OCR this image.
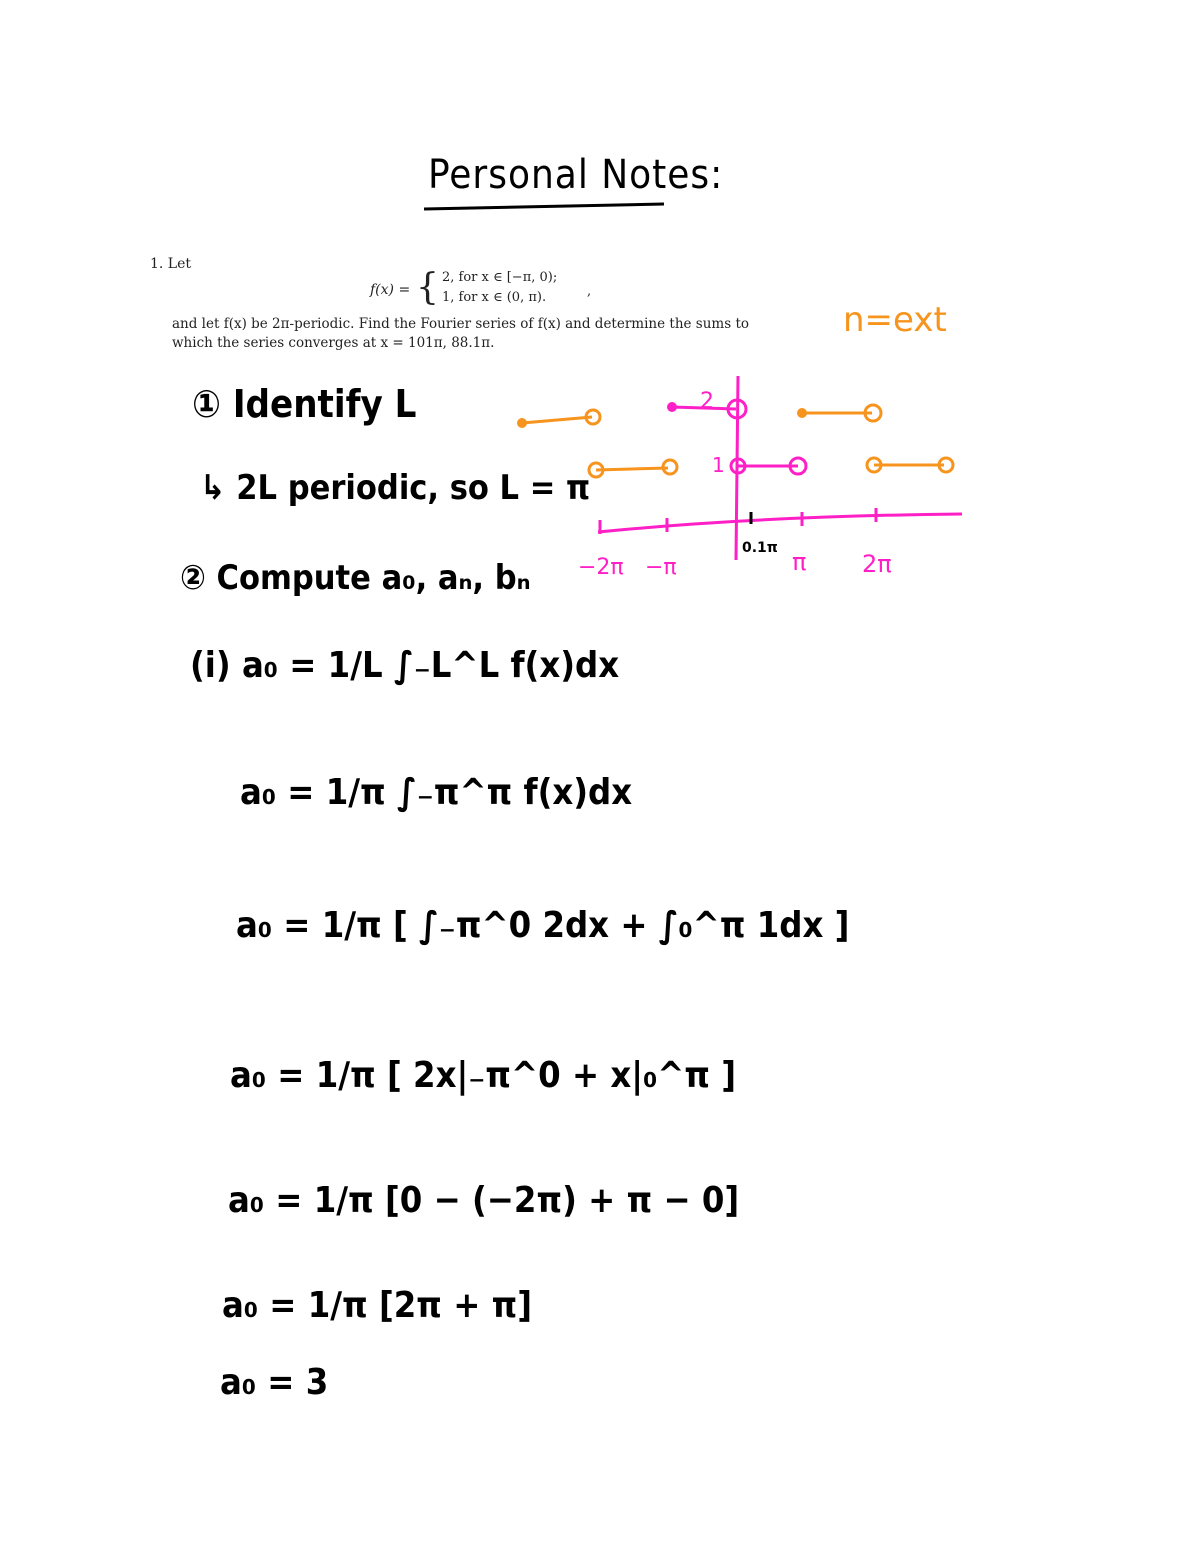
Personal Notes:
1. Let
f(x) = { 2, for x ∈ [−π, 0);
1, for x ∈ (0, π).	,
and let f(x) be 2π-periodic. Find the Fourier series of f(x) and determine the sums to
which the series converges at x = 101π, 88.1π.
n=ext
① Identify L
↳ 2L periodic, so L = π
② Compute a₀, aₙ, bₙ
(i) a₀ = 1/L ∫₋L^L f(x)dx
a₀ = 1/π ∫₋π^π f(x)dx
a₀ = 1/π [ ∫₋π^0 2dx + ∫₀^π 1dx ]
a₀ = 1/π [ 2x|₋π^0 + x|₀^π ]
a₀ = 1/π [0 − (−2π) + π − 0]
a₀ = 1/π [2π + π]
a₀ = 3
2
1
−2π −π
0.1π π 2π
